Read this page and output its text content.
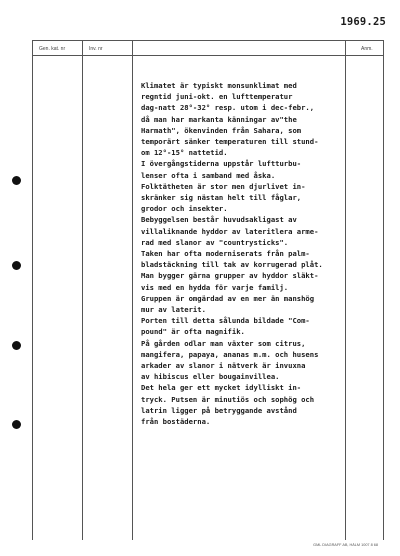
1969.25
Gen. kat. nr	Inv. nr	Anm.
Klimatet är typiskt monsunklimat med
regntid juni-okt. en lufttemperatur
dag-natt 28°-32° resp. utom i dec-febr.,
då man har markanta känningar av"the
Harmath", ökenvinden från Sahara, som
temporärt sänker temperaturen till stund-
om 12°-15° nattetid.
I övergångstiderna uppstår luftturbu-
lenser ofta i samband med åska.
Folktätheten är stor men djurlivet in-
skränker sig nästan helt till fåglar,
grodor och insekter.
Bebyggelsen består huvudsakligast av
villaliknande hyddor av lateritlera arme-
rad med slanor av "countrysticks".
Taken har ofta moderniserats från palm-
bladstäckning till tak av korrugerad plåt.
Man bygger gärna grupper av hyddor släkt-
vis med en hydda för varje familj.
Gruppen är omgärdad av en mer än manshög
mur av laterit.
Porten till detta sålunda bildade "Com-
pound" är ofta magnifik.
På gården odlar man växter som citrus,
mangifera, papaya, ananas m.m. och husens
arkader av slanor i nätverk är invuxna
av hibiscus eller bougainvillea.
Det hela ger ett mycket idylliskt in-
tryck. Putsen är minutiös och sophög och
latrin ligger på betryggande avstånd
från bostäderna.
GML DIAGRAFF AB, HÄLM 1007 8 68
